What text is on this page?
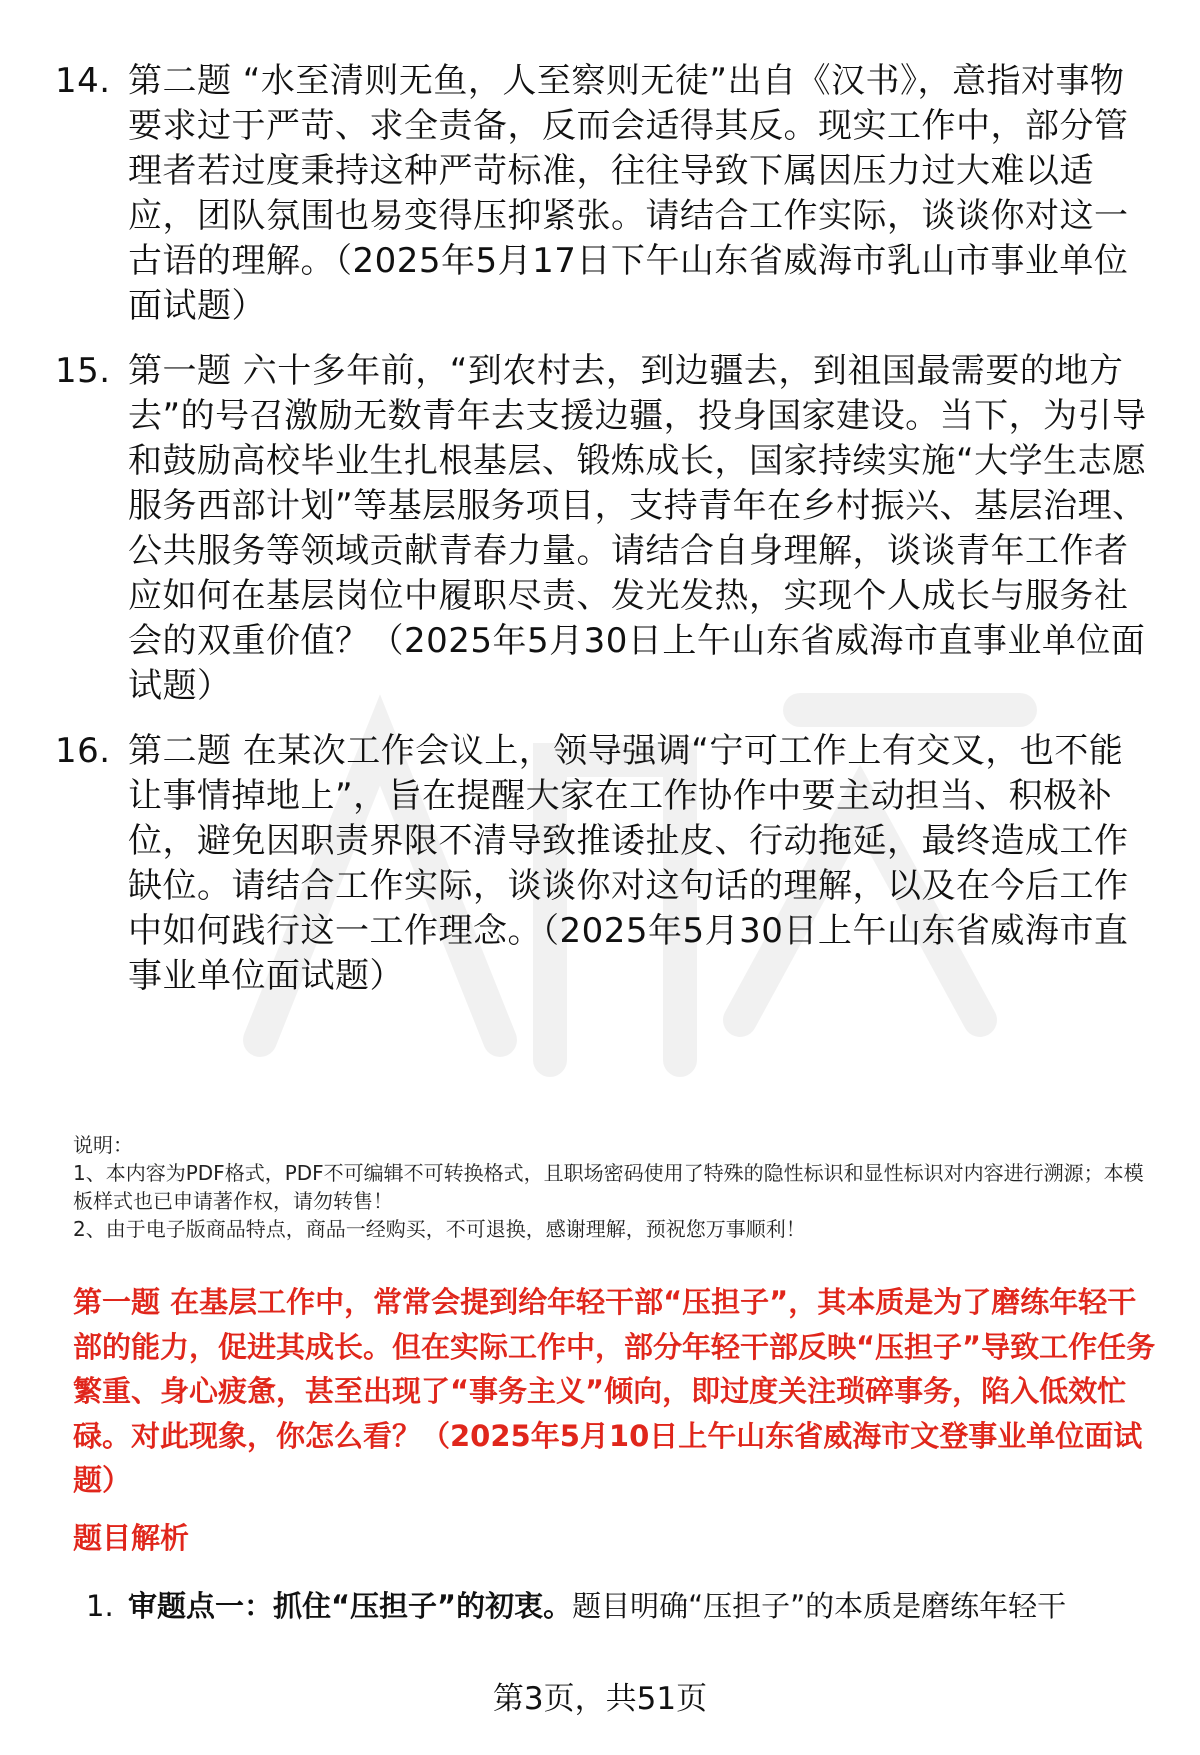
14. 第二题 “水至清则无鱼，人至察则无徒”出自《汉书》，意指对事物要求过于严苛、求全责备，反而会适得其反。现实工作中，部分管理者若过度秉持这种严苛标准，往往导致下属因压力过大难以适应，团队氛围也易变得压抑紧张。请结合工作实际，谈谈你对这一古语的理解。（2025年5月17日下午山东省威海市乳山市事业单位面试题）
15. 第一题 六十多年前，“到农村去，到边疆去，到祖国最需要的地方去”的号召激励无数青年去支援边疆，投身国家建设。当下，为引导和鼓励高校毕业生扎根基层、锻炼成长，国家持续实施“大学生志愿服务西部计划”等基层服务项目，支持青年在乡村振兴、基层治理、公共服务等领域贡献青春力量。请结合自身理解，谈谈青年工作者应如何在基层岗位中履职尽责、发光发热，实现个人成长与服务社会的双重价值？（2025年5月30日上午山东省威海市直事业单位面试题）
16. 第二题 在某次工作会议上，领导强调“宁可工作上有交叉，也不能让事情掉地上”，旨在提醒大家在工作协作中要主动担当、积极补位，避免因职责界限不清导致推诿扯皮、行动拖延，最终造成工作缺位。请结合工作实际，谈谈你对这句话的理解，以及在今后工作中如何践行这一工作理念。（2025年5月30日上午山东省威海市直事业单位面试题）
说明：
1、本内容为PDF格式，PDF不可编辑不可转换格式，且职场密码使用了特殊的隐性标识和显性标识对内容进行溯源；本模板样式也已申请著作权，请勿转售！
2、由于电子版商品特点，商品一经购买，不可退换，感谢理解，预祝您万事顺利！
第一题 在基层工作中，常常会提到给年轻干部“压担子”，其本质是为了磨练年轻干部的能力，促进其成长。但在实际工作中，部分年轻干部反映“压担子”导致工作任务繁重、身心疲惫，甚至出现了“事务主义”倾向，即过度关注琐碎事务，陷入低效忙碌。对此现象，你怎么看？（2025年5月10日上午山东省威海市文登事业单位面试题）
题目解析
1. 审题点一：抓住“压担子”的初衷。题目明确“压担子”的本质是磨练年轻干
第3页，共51页
